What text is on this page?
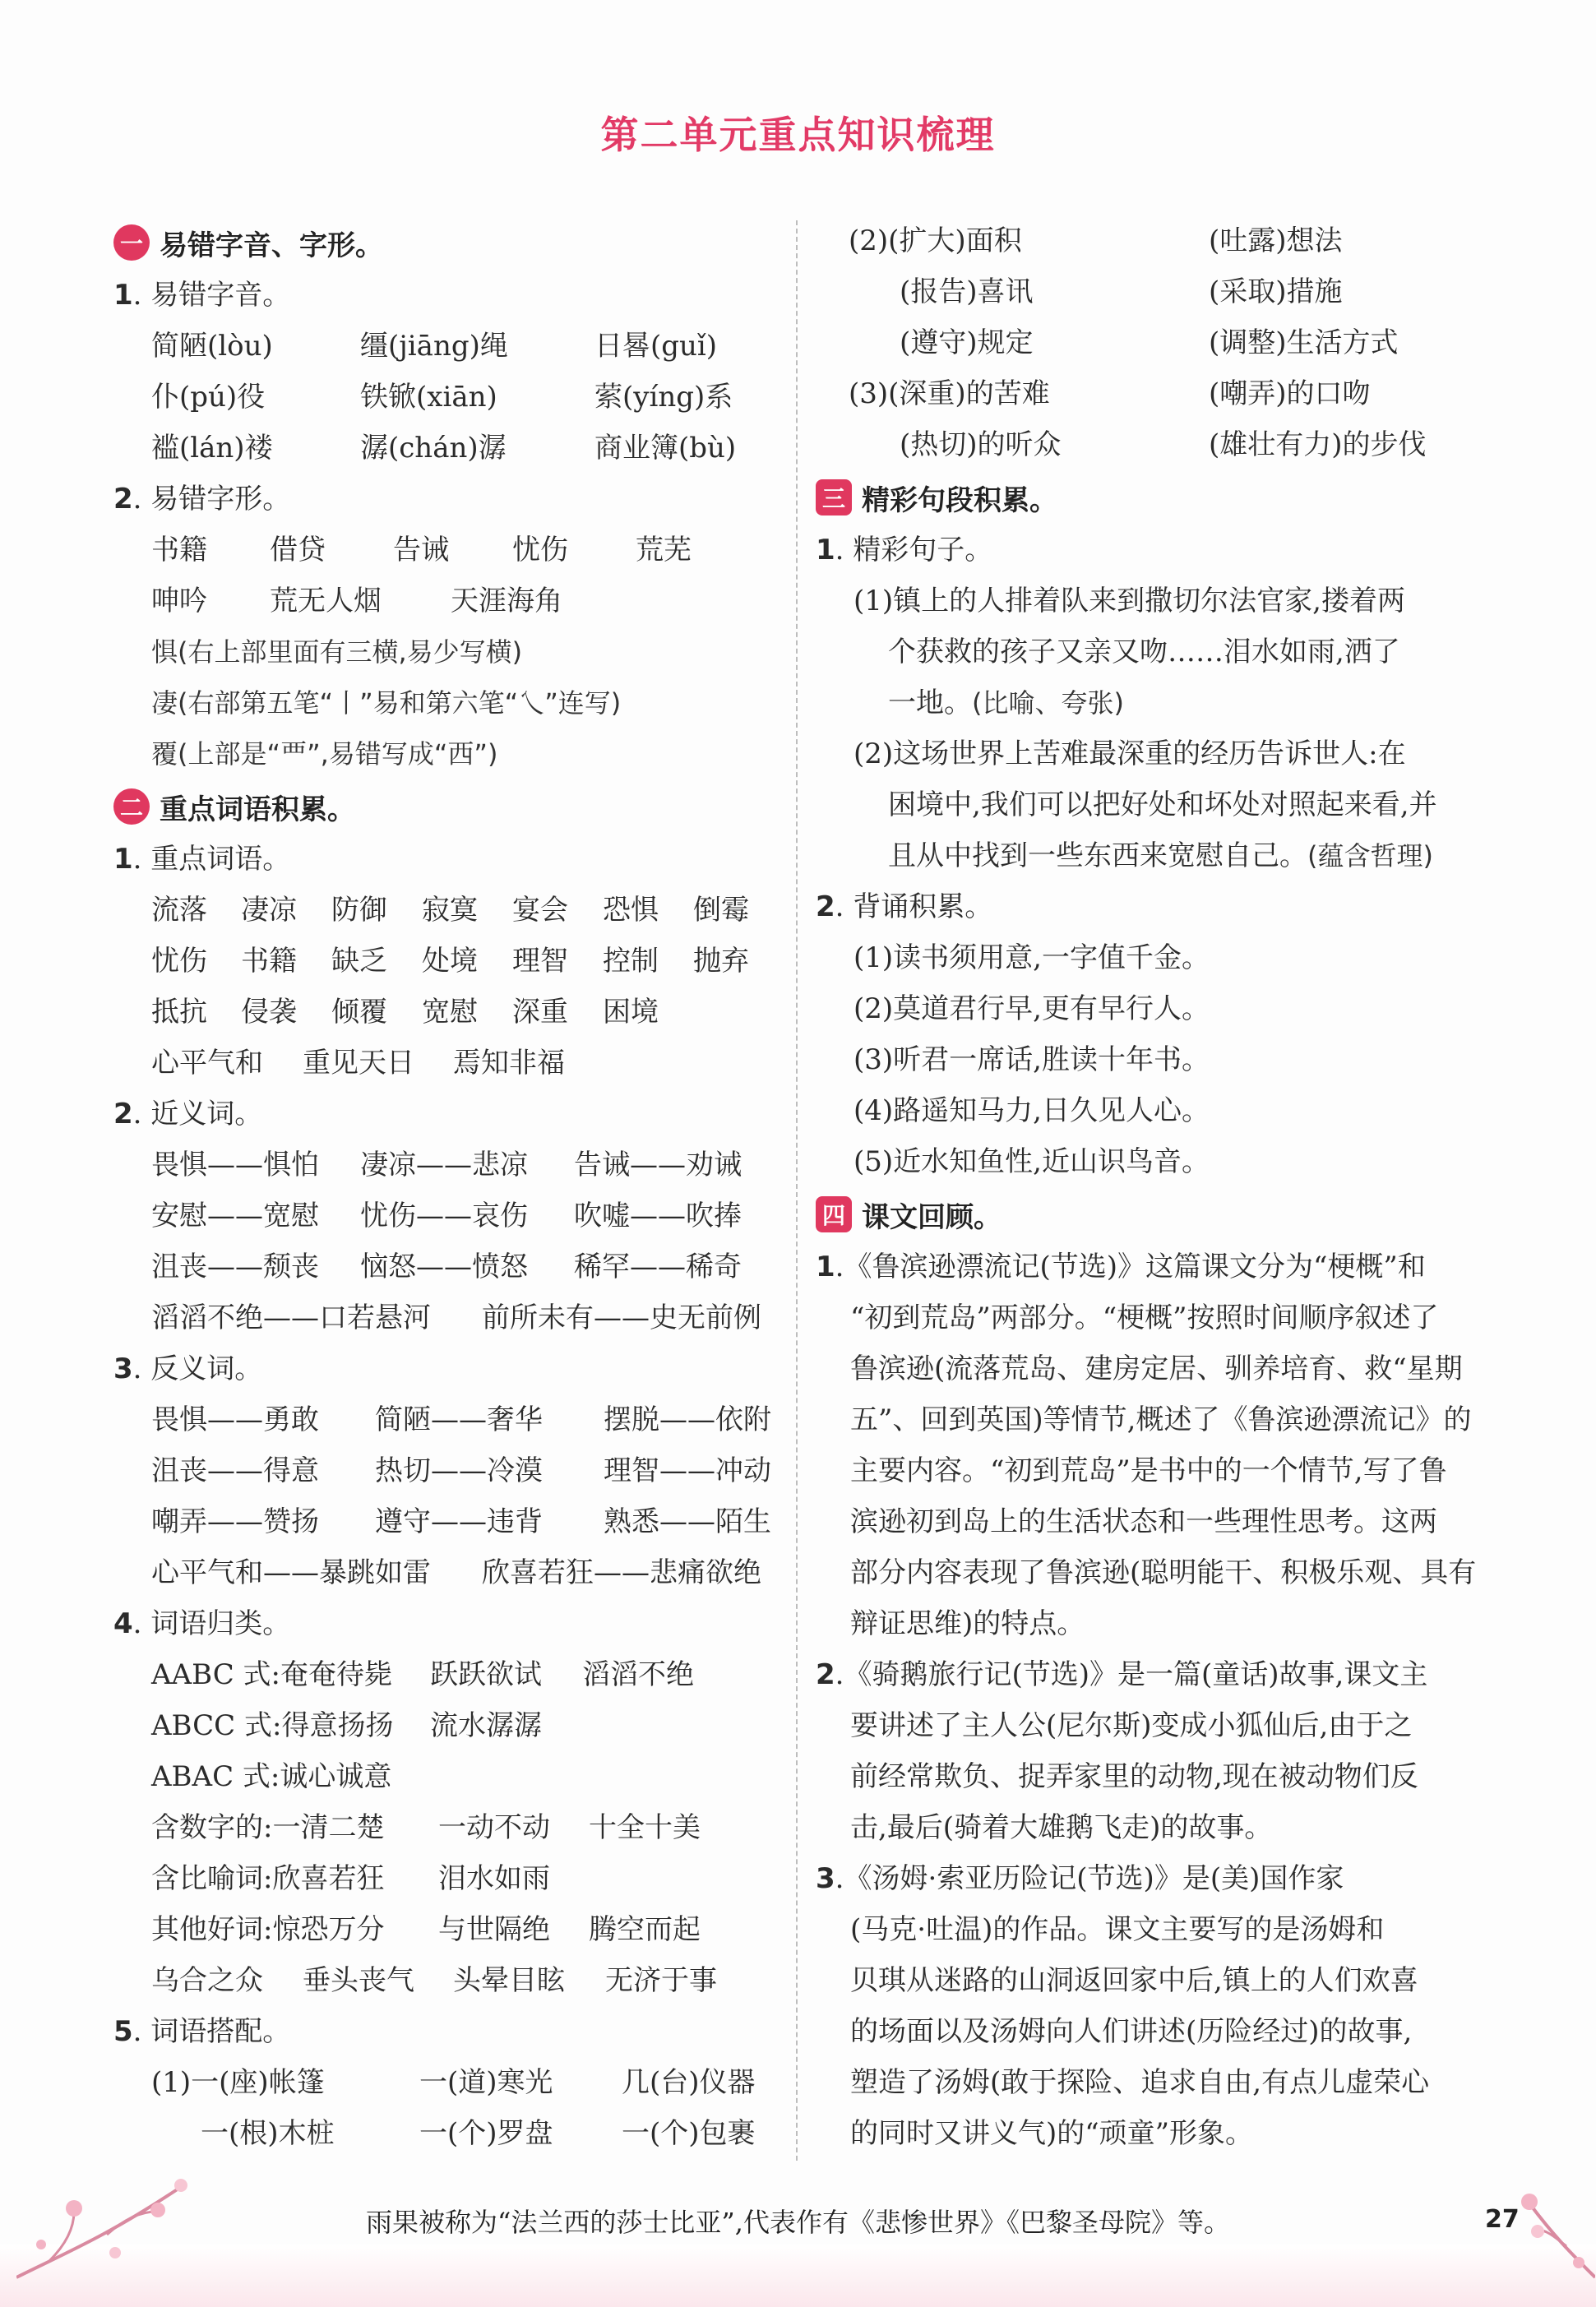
第二单元重点知识梳理
一 易错字音、字形。
1. 易错字音。
简陋(lòu)	缰(jiāng)绳	日晷(guǐ)
仆(pú)役	铁锨(xiān)	萦(yíng)系
褴(lán)褛	潺(chán)潺	商业簿(bù)
2. 易错字形。
书籍 借贷 告诫 忧伤 荒芜
呻吟 荒无人烟 天涯海角
惧(右上部里面有三横,易少写横)
凄(右部第五笔“丨”易和第六笔“乀”连写)
覆(上部是“覀”,易错写成“西”)
二 重点词语积累。
1. 重点词语。
流落 凄凉 防御 寂寞 宴会 恐惧 倒霉
忧伤 书籍 缺乏 处境 理智 控制 抛弃
抵抗 侵袭 倾覆 宽慰 深重 困境
心平气和 重见天日 焉知非福
2. 近义词。
畏惧——惧怕 凄凉——悲凉 告诫——劝诫
安慰——宽慰 忧伤——哀伤 吹嘘——吹捧
沮丧——颓丧 恼怒——愤怒 稀罕——稀奇
滔滔不绝——口若悬河 前所未有——史无前例
3. 反义词。
畏惧——勇敢 简陋——奢华 摆脱——依附
沮丧——得意 热切——冷漠 理智——冲动
嘲弄——赞扬 遵守——违背 熟悉——陌生
心平气和——暴跳如雷 欣喜若狂——悲痛欲绝
4. 词语归类。
AABC 式:奄奄待毙 跃跃欲试 滔滔不绝
ABCC 式:得意扬扬 流水潺潺
ABAC 式:诚心诚意
含数字的:一清二楚 一动不动 十全十美
含比喻词:欣喜若狂 泪水如雨
其他好词:惊恐万分 与世隔绝 腾空而起
乌合之众 垂头丧气 头晕目眩 无济于事
5. 词语搭配。
(1)一(座)帐篷	一(道)寒光 几(台)仪器
一(根)木桩	一(个)罗盘 一(个)包裹
(2)(扩大)面积	(吐露)想法
(报告)喜讯	(采取)措施
(遵守)规定	(调整)生活方式
(3)(深重)的苦难	(嘲弄)的口吻
(热切)的听众	(雄壮有力)的步伐
三 精彩句段积累。
1. 精彩句子。
(1)镇上的人排着队来到撒切尔法官家,搂着两
个获救的孩子又亲又吻……泪水如雨,洒了
一地。(比喻、夸张)
(2)这场世界上苦难最深重的经历告诉世人:在
困境中,我们可以把好处和坏处对照起来看,并
且从中找到一些东西来宽慰自己。(蕴含哲理)
2. 背诵积累。
(1)读书须用意,一字值千金。
(2)莫道君行早,更有早行人。
(3)听君一席话,胜读十年书。
(4)路遥知马力,日久见人心。
(5)近水知鱼性,近山识鸟音。
四 课文回顾。
1.《鲁滨逊漂流记(节选)》这篇课文分为“梗概”和
“初到荒岛”两部分。“梗概”按照时间顺序叙述了
鲁滨逊(流落荒岛、建房定居、驯养培育、救“星期
五”、回到英国)等情节,概述了《鲁滨逊漂流记》的
主要内容。“初到荒岛”是书中的一个情节,写了鲁
滨逊初到岛上的生活状态和一些理性思考。这两
部分内容表现了鲁滨逊(聪明能干、积极乐观、具有
辩证思维)的特点。
2.《骑鹅旅行记(节选)》是一篇(童话)故事,课文主
要讲述了主人公(尼尔斯)变成小狐仙后,由于之
前经常欺负、捉弄家里的动物,现在被动物们反
击,最后(骑着大雄鹅飞走)的故事。
3.《汤姆·索亚历险记(节选)》是(美)国作家
(马克·吐温)的作品。课文主要写的是汤姆和
贝琪从迷路的山洞返回家中后,镇上的人们欢喜
的场面以及汤姆向人们讲述(历险经过)的故事,
塑造了汤姆(敢于探险、追求自由,有点儿虚荣心
的同时又讲义气)的“顽童”形象。
雨果被称为“法兰西的莎士比亚”,代表作有《悲惨世界》《巴黎圣母院》等。	27
